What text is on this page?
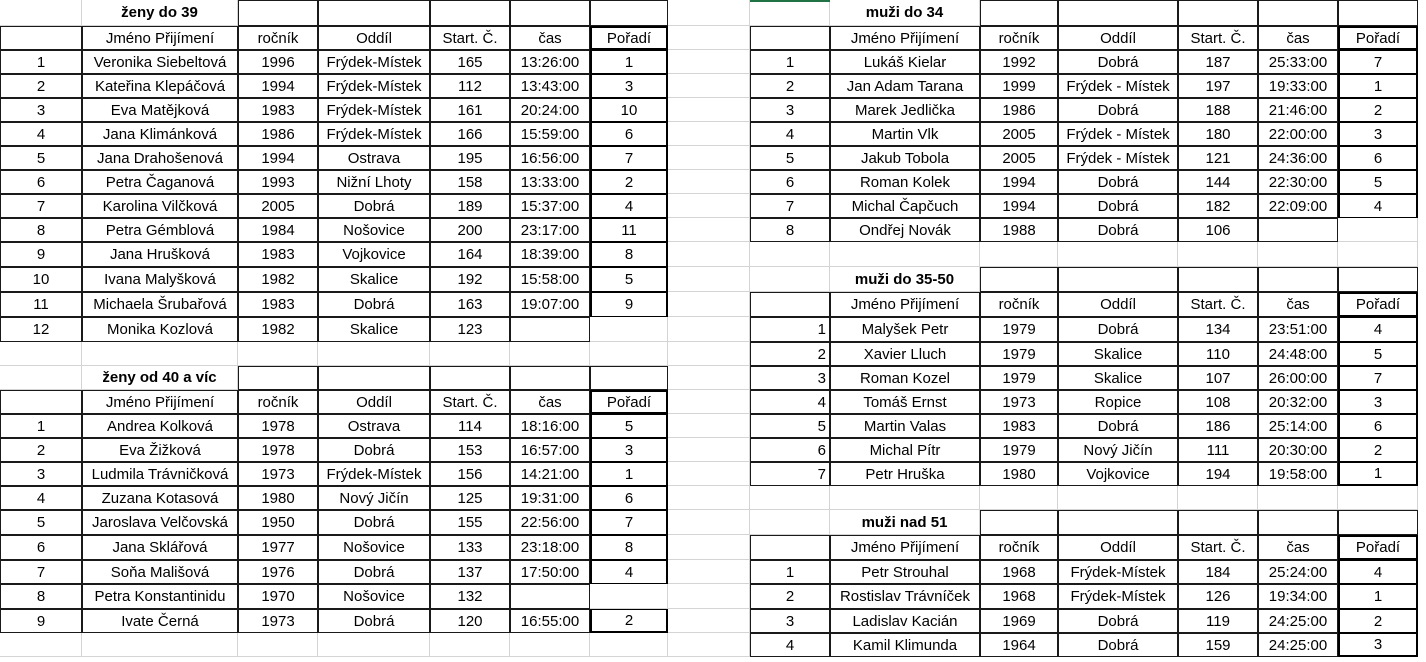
ženy do 39
Jméno Přijímení	ročník	Oddíl	Start. Č.	čas	Pořadí
1	Veronika Siebeltová	1996	Frýdek-Místek	165	13:26:00	1
2	Kateřina Klepáčová	1994	Frýdek-Místek	112	13:43:00	3
3	Eva Matějková	1983	Frýdek-Místek	161	20:24:00	10
4	Jana Klimánková	1986	Frýdek-Místek	166	15:59:00	6
5	Jana Drahošenová	1994	Ostrava	195	16:56:00	7
6	Petra Čaganová	1993	Nižní Lhoty	158	13:33:00	2
7	Karolina Vilčková	2005	Dobrá	189	15:37:00	4
8	Petra Gémblová	1984	Nošovice	200	23:17:00	11
9	Jana Hrušková	1983	Vojkovice	164	18:39:00	8
10	Ivana Malyšková	1982	Skalice	192	15:58:00	5
11	Michaela Šrubařová	1983	Dobrá	163	19:07:00	9
12	Monika Kozlová	1982	Skalice	123
ženy od 40 a víc
Jméno Přijímení	ročník	Oddíl	Start. Č.	čas	Pořadí
1	Andrea Kolková	1978	Ostrava	114	18:16:00	5
2	Eva Žižková	1978	Dobrá	153	16:57:00	3
3	Ludmila Trávničková	1973	Frýdek-Místek	156	14:21:00	1
4	Zuzana Kotasová	1980	Nový Jičín	125	19:31:00	6
5	Jaroslava Velčovská	1950	Dobrá	155	22:56:00	7
6	Jana Sklářová	1977	Nošovice	133	23:18:00	8
7	Soňa Mališová	1976	Dobrá	137	17:50:00	4
8	Petra Konstantinidu	1970	Nošovice	132
9	Ivate Černá	1973	Dobrá	120	16:55:00	2
muži do 34
Jméno Přijímení	ročník	Oddíl	Start. Č.	čas	Pořadí
1	Lukáš Kielar	1992	Dobrá	187	25:33:00	7
2	Jan Adam Tarana	1999	Frýdek - Místek	197	19:33:00	1
3	Marek Jedlička	1986	Dobrá	188	21:46:00	2
4	Martin Vlk	2005	Frýdek - Místek	180	22:00:00	3
5	Jakub Tobola	2005	Frýdek - Místek	121	24:36:00	6
6	Roman Kolek	1994	Dobrá	144	22:30:00	5
7	Michal Čapčuch	1994	Dobrá	182	22:09:00	4
8	Ondřej Novák	1988	Dobrá	106
muži do 35-50
Jméno Přijímení	ročník	Oddíl	Start. Č.	čas	Pořadí
1	Malyšek Petr	1979	Dobrá	134	23:51:00	4
2	Xavier Lluch	1979	Skalice	110	24:48:00	5
3	Roman Kozel	1979	Skalice	107	26:00:00	7
4	Tomáš Ernst	1973	Ropice	108	20:32:00	3
5	Martin Valas	1983	Dobrá	186	25:14:00	6
6	Michal Pítr	1979	Nový Jičín	111	20:30:00	2
7	Petr Hruška	1980	Vojkovice	194	19:58:00	1
muži nad 51
Jméno Přijímení	ročník	Oddíl	Start. Č.	čas	Pořadí
1	Petr Strouhal	1968	Frýdek-Místek	184	25:24:00	4
2	Rostislav Trávníček	1968	Frýdek-Místek	126	19:34:00	1
3	Ladislav Kacián	1969	Dobrá	119	24:25:00	2
4	Kamil Klimunda	1964	Dobrá	159	24:25:00	3
